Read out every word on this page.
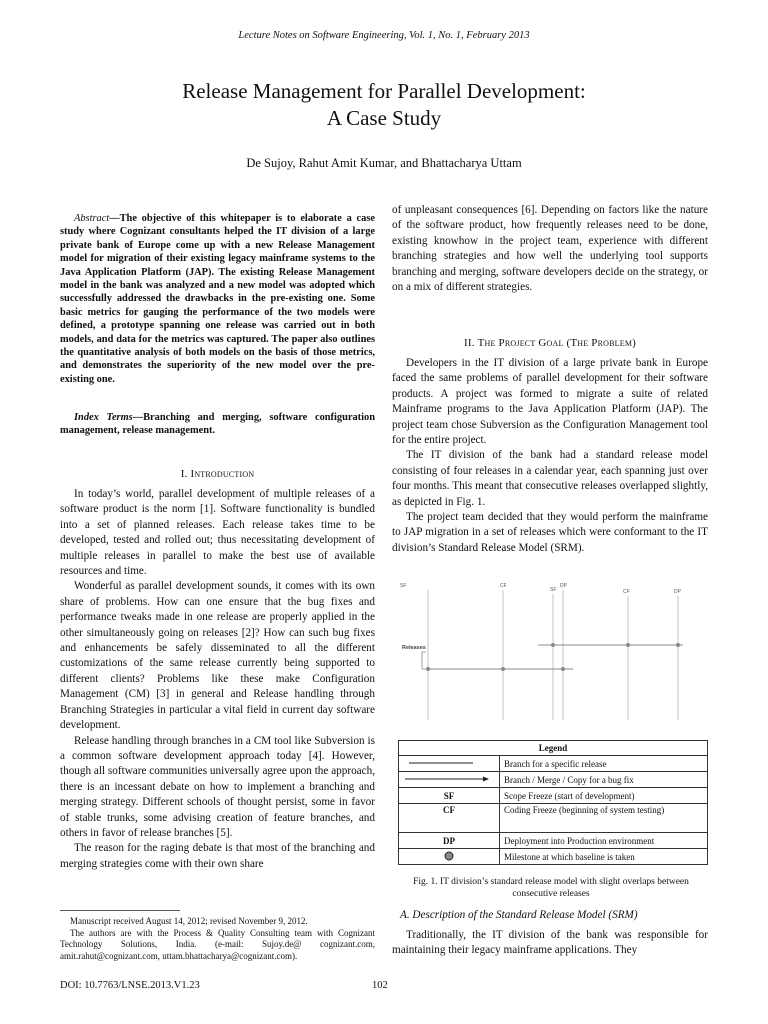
Lecture Notes on Software Engineering, Vol. 1, No. 1, February 2013
Release Management for Parallel Development:
A Case Study
De Sujoy, Rahut Amit Kumar, and Bhattacharya Uttam
Abstract—The objective of this whitepaper is to elaborate a case study where Cognizant consultants helped the IT division of a large private bank of Europe come up with a new Release Management model for migration of their existing legacy mainframe systems to the Java Application Platform (JAP). The existing Release Management model in the bank was analyzed and a new model was adopted which successfully addressed the drawbacks in the pre-existing one. Some basic metrics for gauging the performance of the two models were defined, a prototype spanning one release was carried out in both models, and data for the metrics was captured. The paper also outlines the quantitative analysis of both models on the basis of those metrics, and demonstrates the superiority of the new model over the pre-existing one.
Index Terms—Branching and merging, software configuration management, release management.
I. Introduction

In today’s world, parallel development of multiple releases of a software product is the norm [1]. Software functionality is bundled into a set of planned releases. Each release takes time to be developed, tested and rolled out; thus necessitating development of multiple releases in parallel to make the best use of available resources and time.

Wonderful as parallel development sounds, it comes with its own share of problems. How can one ensure that the bug fixes and performance tweaks made in one release are properly applied in the other simultaneously going on releases [2]? How can such bug fixes and enhancements be safely disseminated to all the different customizations of the same release currently being supported to different clients? Problems like these make Configuration Management (CM) [3] in general and Release handling through Branching Strategies in particular a vital field in current day software development.

Release handling through branches in a CM tool like Subversion is a common software development approach today [4]. However, though all software communities universally agree upon the approach, there is an incessant debate on how to implement a branching and merging strategy. Different schools of thought persist, some in favor of stable trunks, some advising creation of feature branches, and others in favor of release branches [5].

The reason for the raging debate is that most of the branching and merging strategies come with their own share

Manuscript received August 14, 2012; revised November 9, 2012.

The authors are with the Process & Quality Consulting team with Cognizant Technology Solutions, India. (e-mail: Sujoy.de@ cognizant.com, amit.rahut@cognizant.com, uttam.bhattacharya@cognizant.com).

DOI: 10.7763/LNSE.2013.V1.23	102

of unpleasant consequences [6]. Depending on factors like the nature of the software product, how frequently releases need to be done, existing knowhow in the project team, experience with different branching strategies and how well the underlying tool supports branching and merging, software developers decide on the strategy, or on a mix of different strategies.

II. The Project Goal (The Problem)

Developers in the IT division of a large private bank in Europe faced the same problems of parallel development for their software products. A project was formed to migrate a suite of related Mainframe programs to the Java Application Platform (JAP). The project team chose Subversion as the Configuration Management tool for the entire project.

The IT division of the bank had a standard release model consisting of four releases in a calendar year, each spanning just over four months. This meant that consecutive releases overlapped slightly, as depicted in Fig. 1.

The project team decided that they would perform the mainframe to JAP migration in a set of releases which were conformant to the IT division’s Standard Release Model (SRM).

SF	CF
SF
DP
CF	DP
Releases
Legend	
	Branch for a specific release
	Branch / Merge / Copy for a bug fix
SF	Scope Freeze (start of development)
CF	Coding Freeze (beginning of system testing)
DP	Deployment into Production environment
	Milestone at which baseline is taken
Fig. 1. IT division’s standard release model with slight overlaps between
consecutive releases
A. Description of the Standard Release Model (SRM)

Traditionally, the IT division of the bank was responsible for maintaining their legacy mainframe applications. They
